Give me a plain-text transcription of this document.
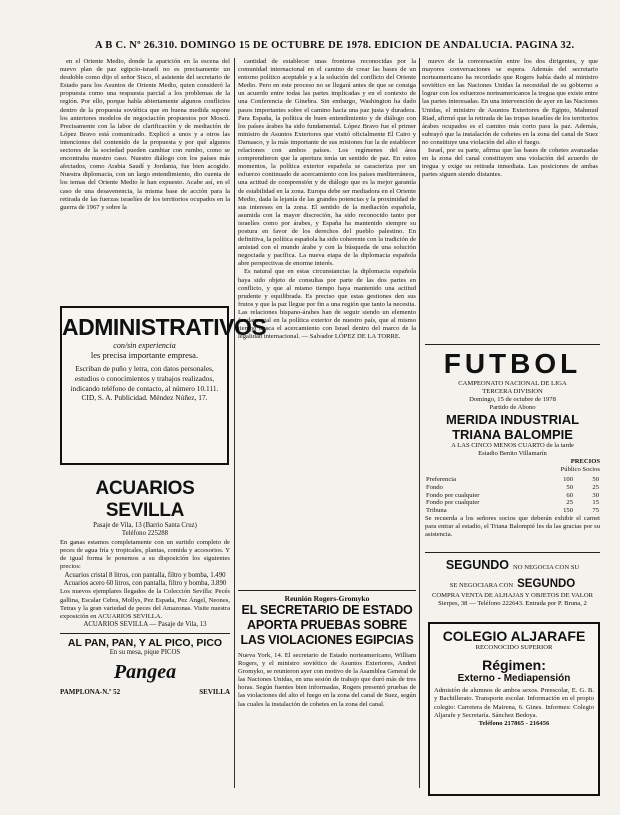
A B C. Nº 26.310. DOMINGO 15 DE OCTUBRE DE 1978. EDICION DE ANDALUCIA. PAGINA 32.

en el Oriente Medio, donde la aparición en la escena del nuevo plan de paz egipcio-israelí no es precisamente un desdoble como dijo el señor Sisco, el asistente del secretario de Estado para los Asuntos de Oriente Medio, quien consideró la propuesta como una respuesta parcial a los problemas de la región. Por ello, porque habla abiertamente algunos conflictos dentro de la propuesta soviética que en buena medida supone los anteriores modelos de negociación propuestos por Moscú. Precisamente con la labor de clarificación y de mediación de López Bravo está comunicado. Explicó a unos y a otros las intenciones del contenido de la propuesta y por qué algunos sectores de la sociedad pueden cambiar con rumbo, como se encontraba nuestro caso. Nuestro diálogo con los países más afectados, como Arabia Saudí y Jordania, fue bien acogido. Nuestra diplomacia, con un largo entendimiento, dio cuenta de los temas del Oriente Medio le han expuesto. Acabe así, en el caso de una desavenencia, la misma base de acción para la retirada de las fuerzas israelíes de los territorios ocupados en la guerra de 1967 y sobre la

ADMINISTRATIVOS
con/sin experiencia
les precisa importante empresa.
Escriban de puño y letra, con datos personales, estudios o conocimientos y trabajos realizados, indicando teléfono de contacto, al número 10.111. CID, S. A. Publicidad. Méndez Núñez, 17.
ACUARIOS SEVILLA
Pasaje de Vila, 13 (Barrio Santa Cruz)
Teléfono 225288
En ganas estamos completamente con un surtido completo de peces de agua fría y tropicales, plantas, comida y accesorios. Y de igual forma le ponemos a su disposición los siguientes precios:
Acuarios cristal 8 litros, con pantalla, filtro y bomba, 1.490
Acuarios acero 60 litros, con pantalla, filtro y bomba, 3.890
Los nuevos ejemplares llegados de la Colección Sevilla: Pecés gallina, Escalar Cebra, Mollys, Pez Espada, Pez Ángel, Neones, Tetras y la gran variedad de peces del Amazonas. Visite nuestra exposición en ACUARIOS SEVILLA.
ACUARIOS SEVILLA — Pasaje de Vila, 13
AL PAN, PAN, Y AL PICO, PICO
En su mesa, pique PICOS
Pangea
PAMPLONA-N.º 52	SEVILLA

cantidad de establecer unas fronteras reconocidas por la comunidad internacional en el camino de crear las bases de un entorno político aceptable y a la solución del conflicto del Oriente Medio. Pero en este proceso no se llegará antes de que se consiga un acuerdo entre todas las partes implicadas y en el contexto de una Conferencia de Ginebra. Sin embargo, Washington ha dado pasos importantes sobre el camino hacia una paz justa y duradera. Para España, la política de buen entendimiento y de diálogo con los países árabes ha sido fundamental. López Bravo fue el primer ministro de Asuntos Exteriores que visitó oficialmente El Cairo y Damasco, y la más importante de sus misiones fue la de establecer relaciones con ambos países. Los regímenes del área comprendieron que la apertura tenía un sentido de paz. En estos momentos, la política exterior española se caracteriza por un esfuerzo continuado de acercamiento con los países mediterráneos, una actitud de comprensión y de diálogo que es la mejor garantía de estabilidad en la zona. Europa debe ser mediadora en el Oriente Medio, dada la lejanía de las grandes potencias y la proximidad de sus intereses en la zona. El sentido de la mediación española, asumida con la mayor discreción, ha sido reconocido tanto por israelíes como por árabes, y España ha mantenido siempre su postura en favor de los derechos del pueblo palestino. En definitiva, la política española ha sido coherente con la tradición de amistad con el mundo árabe y con la búsqueda de una solución negociada y pacífica. La nueva etapa de la diplomacia española abre perspectivas de enorme interés.

Es natural que en estas circunstancias la diplomacia española haya sido objeto de consultas por parte de las dos partes en conflicto, y que al mismo tiempo haya mantenido una actitud prudente y equilibrada. Es preciso que estas gestiones den sus frutos y que la paz llegue por fin a una región que tanto la necesita. Las relaciones hispano-árabes han de seguir siendo un elemento fundamental en la política exterior de nuestro país, que al mismo tiempo busca el acercamiento con Israel dentro del marco de la legalidad internacional. — Salvador LÓPEZ DE LA TORRE.

Reunión Rogers-Gromyko
EL SECRETARIO DE ESTADO APORTA PRUEBAS SOBRE LAS VIOLACIONES EGIPCIAS
Nueva York, 14. El secretario de Estado norteamericano, William Rogers, y el ministro soviético de Asuntos Exteriores, Andrei Gromyko, se reunieron ayer con motivo de la Asamblea General de las Naciones Unidas, en una sesión de trabajo que duró más de tres horas. Según fuentes bien informadas, Rogers presentó pruebas de las violaciones del alto el fuego en la zona del canal de Suez, según las cuales la instalación de cohetes en la zona del canal.

nuevo de la conversación entre los dos dirigentes, y que mayores conversaciones se espera. Además del secretario norteamericano ha recordado que Rogers había dado al ministro soviético en las Naciones Unidas la necesidad de su gobierno a lograr con los esfuerzos norteamericanos la tregua que existe entre las partes interesadas. En una intervención de ayer en las Naciones Unidas, el ministro de Asuntos Exteriores de Egipto, Mahmud Riad, afirmó que la retirada de las tropas israelíes de los territorios árabes ocupados es el camino más corto para la paz. Además, subrayó que la instalación de cohetes en la zona del canal de Suez no constituye una violación del alto el fuego.

Israel, por su parte, afirma que las bases de cohetes avanzadas en la zona del canal constituyen una violación del acuerdo de tregua y exige su retirada inmediata. Las posiciones de ambas partes siguen siendo distantes.

FUTBOL
CAMPEONATO NACIONAL DE LIGA
TERCERA DIVISION
Domingo, 15 de octubre de 1978
Partido de Abono
MERIDA INDUSTRIAL
TRIANA BALOMPIE
A LAS CINCO MENOS CUARTO de la tarde
Estadio Benito Villamarín
PRECIOS
Público Socios
Preferencia	100	50
Fondo	50	25
Fondo por cualquier	60	30
Fondo por cualquier	25	15
Tribuna	150	75
Se recuerda a los señores socios que deberán exhibir el carnet para entrar al estadio, el Triana Balompié les da las gracias por su asistencia.
SEGUNDO NO NEGOCIA CON SU
SE NEGOCIARA CON SEGUNDO
COMPRA VENTA DE ALHAJAS Y OBJETOS DE VALOR
Sierpes, 38 — Teléfono 222643. Entrada por P. Bruna, 2
COLEGIO ALJARAFE
RECONOCIDO SUPERIOR
Régimen:
Externo - Mediapensión
Admisión de alumnos de ambos sexos. Preescolar, E. G. B. y Bachillerato. Transporte escolar. Información en el propio colegio: Carretera de Mairena, 6. Gines. Informes: Colegio Aljarafe y Secretaría. Sánchez Bedoya.
Teléfono 217865 - 216456
